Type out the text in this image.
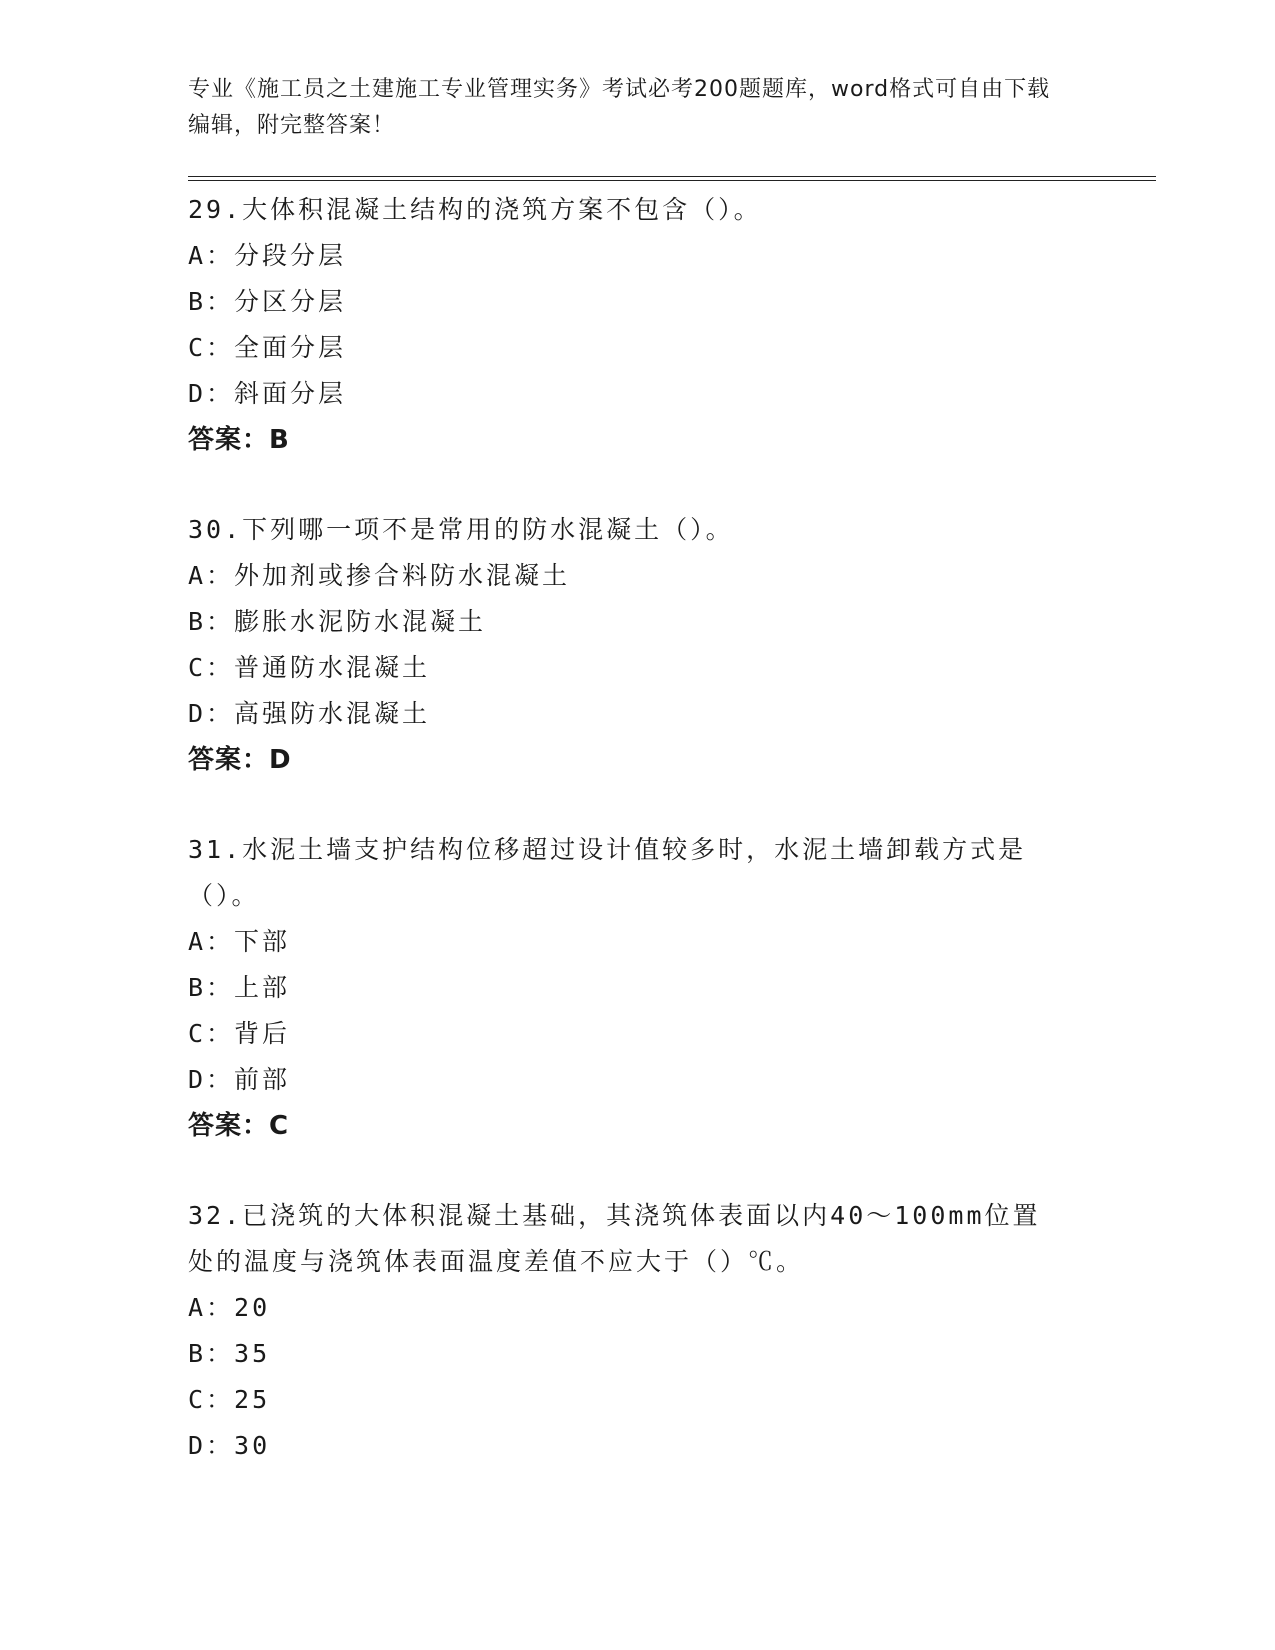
专业《施工员之土建施工专业管理实务》考试必考200题题库，word格式可自由下载编辑，附完整答案！
29.大体积混凝土结构的浇筑方案不包含（）。
A：分段分层
B：分区分层
C：全面分层
D：斜面分层
答案：B
30.下列哪一项不是常用的防水混凝土（）。
A：外加剂或掺合料防水混凝土
B：膨胀水泥防水混凝土
C：普通防水混凝土
D：高强防水混凝土
答案：D
31.水泥土墙支护结构位移超过设计值较多时，水泥土墙卸载方式是（）。
A：下部
B：上部
C：背后
D：前部
答案：C
32.已浇筑的大体积混凝土基础，其浇筑体表面以内40～100mm位置处的温度与浇筑体表面温度差值不应大于（）℃。
A：20
B：35
C：25
D：30
